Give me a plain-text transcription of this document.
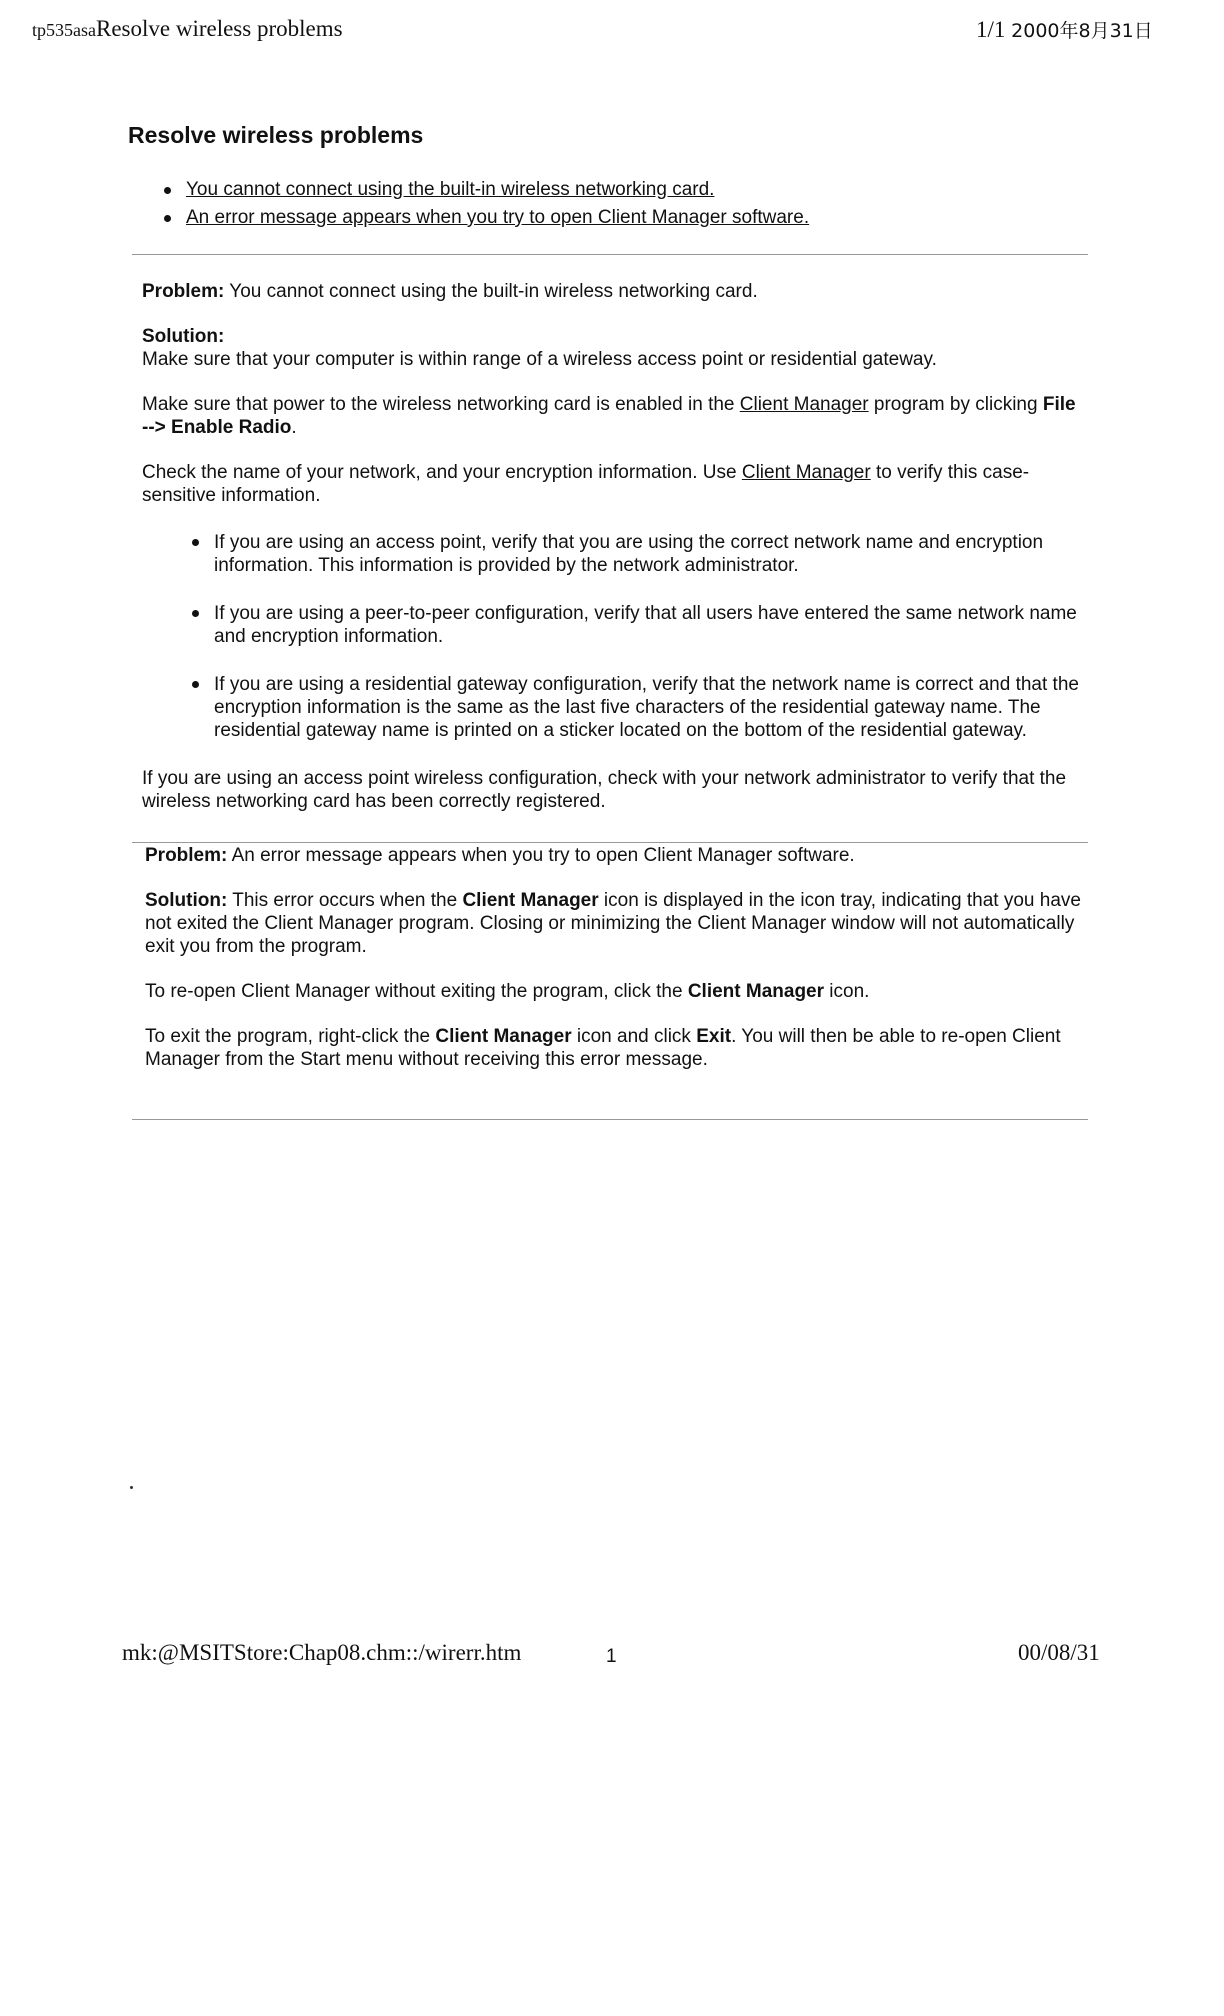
tp535asaResolve wireless problems	1/1 2000年8月31日
Resolve wireless problems
You cannot connect using the built-in wireless networking card.
An error message appears when you try to open Client Manager software.

Problem: You cannot connect using the built-in wireless networking card.

Solution:
Make sure that your computer is within range of a wireless access point or residential gateway.

Make sure that power to the wireless networking card is enabled in the Client Manager program by clicking File --> Enable Radio.

Check the name of your network, and your encryption information. Use Client Manager to verify this case-sensitive information.

If you are using an access point, verify that you are using the correct network name and encryption information. This information is provided by the network administrator.
If you are using a peer-to-peer configuration, verify that all users have entered the same network name and encryption information.
If you are using a residential gateway configuration, verify that the network name is correct and that the encryption information is the same as the last five characters of the residential gateway name. The residential gateway name is printed on a sticker located on the bottom of the residential gateway.

If you are using an access point wireless configuration, check with your network administrator to verify that the wireless networking card has been correctly registered.

Problem: An error message appears when you try to open Client Manager software.

Solution: This error occurs when the Client Manager icon is displayed in the icon tray, indicating that you have not exited the Client Manager program. Closing or minimizing the Client Manager window will not automatically exit you from the program.

To re-open Client Manager without exiting the program, click the Client Manager icon.

To exit the program, right-click the Client Manager icon and click Exit. You will then be able to re-open Client Manager from the Start menu without receiving this error message.

mk:@MSITStore:Chap08.chm::/wirerr.htm	1	00/08/31
